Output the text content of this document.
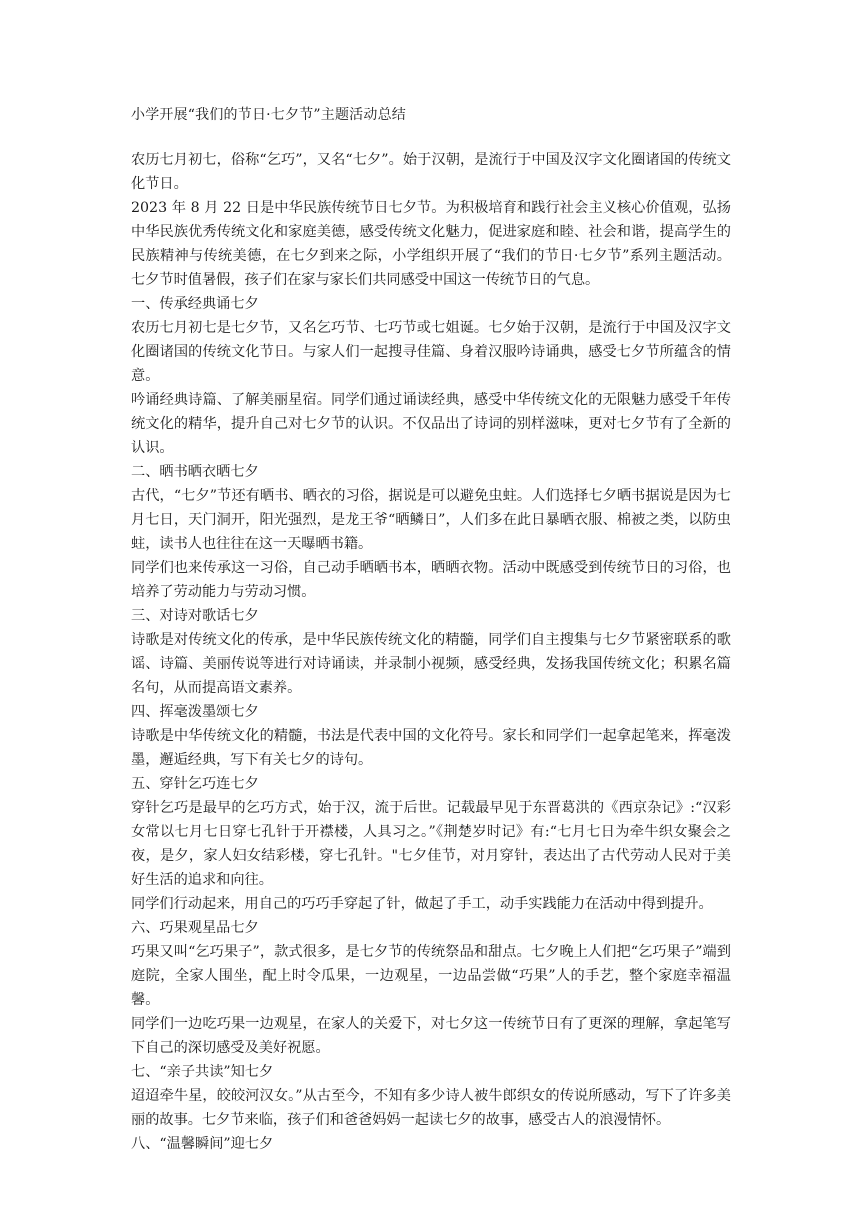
小学开展“我们的节日·七夕节”主题活动总结

农历七月初七，俗称“乞巧”，又名“七夕”。始于汉朝，是流行于中国及汉字文化圈诸国的传统文化节日。

2023 年 8 月 22 日是中华民族传统节日七夕节。为积极培育和践行社会主义核心价值观，弘扬中华民族优秀传统文化和家庭美德，感受传统文化魅力，促进家庭和睦、社会和谐，提高学生的民族精神与传统美德，在七夕到来之际，小学组织开展了“我们的节日·七夕节”系列主题活动。七夕节时值暑假，孩子们在家与家长们共同感受中国这一传统节日的气息。

一、传承经典诵七夕

农历七月初七是七夕节，又名乞巧节、七巧节或七姐诞。七夕始于汉朝，是流行于中国及汉字文化圈诸国的传统文化节日。与家人们一起搜寻佳篇、身着汉服吟诗诵典，感受七夕节所蕴含的情意。

吟诵经典诗篇、了解美丽星宿。同学们通过诵读经典，感受中华传统文化的无限魅力感受千年传统文化的精华，提升自己对七夕节的认识。不仅品出了诗词的别样滋味，更对七夕节有了全新的认识。

二、晒书晒衣晒七夕

古代，“七夕”节还有晒书、晒衣的习俗，据说是可以避免虫蛀。人们选择七夕晒书据说是因为七月七日，天门洞开，阳光强烈，是龙王爷“晒鳞日”，人们多在此日暴晒衣服、棉被之类，以防虫蛀，读书人也往往在这一天曝晒书籍。

同学们也来传承这一习俗，自己动手晒晒书本，晒晒衣物。活动中既感受到传统节日的习俗，也培养了劳动能力与劳动习惯。

三、对诗对歌话七夕

诗歌是对传统文化的传承，是中华民族传统文化的精髓，同学们自主搜集与七夕节紧密联系的歌谣、诗篇、美丽传说等进行对诗诵读，并录制小视频，感受经典，发扬我国传统文化；积累名篇名句，从而提高语文素养。

四、挥毫泼墨颂七夕

诗歌是中华传统文化的精髓，书法是代表中国的文化符号。家长和同学们一起拿起笔来，挥毫泼墨，邂逅经典，写下有关七夕的诗句。

五、穿针乞巧连七夕

穿针乞巧是最早的乞巧方式，始于汉，流于后世。记载最早见于东晋葛洪的《西京杂记》:“汉彩女常以七月七日穿七孔针于开襟楼，人具习之。”《荆楚岁时记》有:“七月七日为牵牛织女聚会之夜，是夕，家人妇女结彩楼，穿七孔针。"七夕佳节，对月穿针，表达出了古代劳动人民对于美好生活的追求和向往。

同学们行动起来，用自己的巧巧手穿起了针，做起了手工，动手实践能力在活动中得到提升。

六、巧果观星品七夕

巧果又叫“乞巧果子”，款式很多，是七夕节的传统祭品和甜点。七夕晚上人们把“乞巧果子”端到庭院，全家人围坐，配上时令瓜果，一边观星，一边品尝做“巧果”人的手艺，整个家庭幸福温馨。

同学们一边吃巧果一边观星，在家人的关爱下，对七夕这一传统节日有了更深的理解，拿起笔写下自己的深切感受及美好祝愿。

七、“亲子共读”知七夕

迢迢牵牛星，皎皎河汉女。”从古至今，不知有多少诗人被牛郎织女的传说所感动，写下了许多美丽的故事。七夕节来临，孩子们和爸爸妈妈一起读七夕的故事，感受古人的浪漫情怀。

八、“温馨瞬间”迎七夕
